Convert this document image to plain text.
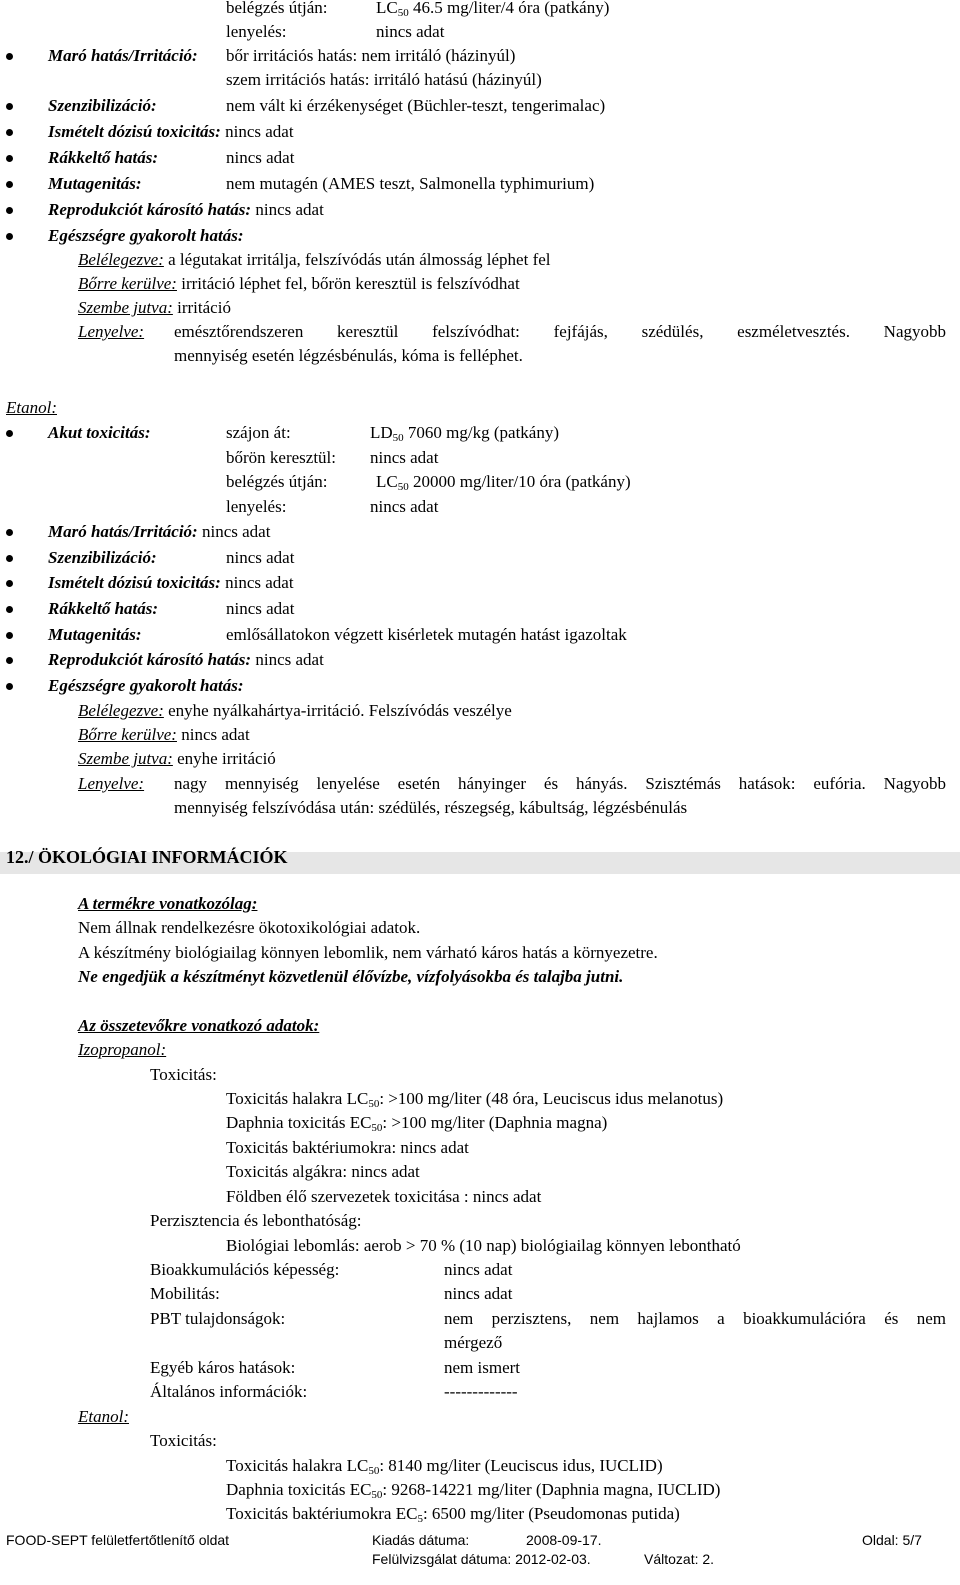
belégzés útján:	$LC_{50}$ 46.5 mg/liter/4 óra (patkány)
lenyelés:	nincs adat
Maró hatás/Irritáció: bőr irritációs hatás: nem irritáló (házinyúl)
szem irritációs hatás: irritáló hatású (házinyúl)
Szenzibilizáció:	nem vált ki érzékenységet (Büchler-teszt, tengerimalac)
Ismételt dózisú toxicitás: nincs adat
Rákkeltő hatás:	nincs adat
Mutagenitás:	nem mutagén (AMES teszt, Salmonella typhimurium)
Reprodukciót károsító hatás: nincs adat
Egészségre gyakorolt hatás:
Belélegezve: a légutakat irritálja, felszívódás után álmosság léphet fel
Bőrre kerülve: irritáció léphet fel, bőrön keresztül is felszívódhat
Szembe jutva: irritáció
Lenyelve: emésztőrendszeren keresztül felszívódhat: fejfájás, szédülés, eszméletvesztés. Nagyobb
mennyiség esetén légzésbénulás, kóma is felléphet.
Etanol:
Akut toxicitás:	szájon át:	$LD_{50}$ 7060 mg/kg (patkány)
bőrön keresztül: nincs adat
belégzés útján:	$LC_{50}$ 20000 mg/liter/10 óra (patkány)
lenyelés:	nincs adat
Maró hatás/Irritáció: nincs adat
Szenzibilizáció:	nincs adat
Ismételt dózisú toxicitás: nincs adat
Rákkeltő hatás:	nincs adat
Mutagenitás:	emlősállatokon végzett kisérletek mutagén hatást igazoltak
Reprodukciót károsító hatás: nincs adat
Egészségre gyakorolt hatás:
Belélegezve: enyhe nyálkahártya-irritáció. Felszívódás veszélye
Bőrre kerülve: nincs adat
Szembe jutva: enyhe irritáció
Lenyelve: nagy mennyiség lenyelése esetén hányinger és hányás. Szisztémás hatások: eufória. Nagyobb
mennyiség felszívódása után: szédülés, részegség, kábultság, légzésbénulás
12./ ÖKOLÓGIAI INFORMÁCIÓK
A termékre vonatkozólag:
Nem állnak rendelkezésre ökotoxikológiai adatok.
A készítmény biológiailag könnyen lebomlik, nem várható káros hatás a környezetre.
Ne engedjük a készítményt közvetlenül élővízbe, vízfolyásokba és talajba jutni.
Az összetevőkre vonatkozó adatok:
Izopropanol:
Toxicitás:
Toxicitás halakra $LC_{50}$: >100 mg/liter (48 óra, Leuciscus idus melanotus)
Daphnia toxicitás $EC_{50}$: >100 mg/liter (Daphnia magna)
Toxicitás baktériumokra: nincs adat
Toxicitás algákra: nincs adat
Földben élő szervezetek toxicitása : nincs adat
Perzisztencia és lebonthatóság:
Biológiai lebomlás: aerob > 70 % (10 nap) biológiailag könnyen lebontható
Bioakkumulációs képesség:	nincs adat
Mobilitás:	nincs adat
PBT tulajdonságok:	nem perzisztens, nem hajlamos a bioakkumulációra és nem
mérgező
Egyéb káros hatások:	nem ismert
Általános információk:	-------------
Etanol:
Toxicitás:
Toxicitás halakra $LC_{50}$: 8140 mg/liter (Leuciscus idus, IUCLID)
Daphnia toxicitás $EC_{50}$: 9268-14221 mg/liter (Daphnia magna, IUCLID)
Toxicitás baktériumokra $EC_5$: 6500 mg/liter (Pseudomonas putida)
FOOD-SEPT felületfertőtlenítő oldat	Kiadás dátuma:	2008-09-17.	Oldal: 5/7
Felülvizsgálat dátuma: 2012-02-03.	Változat: 2.
